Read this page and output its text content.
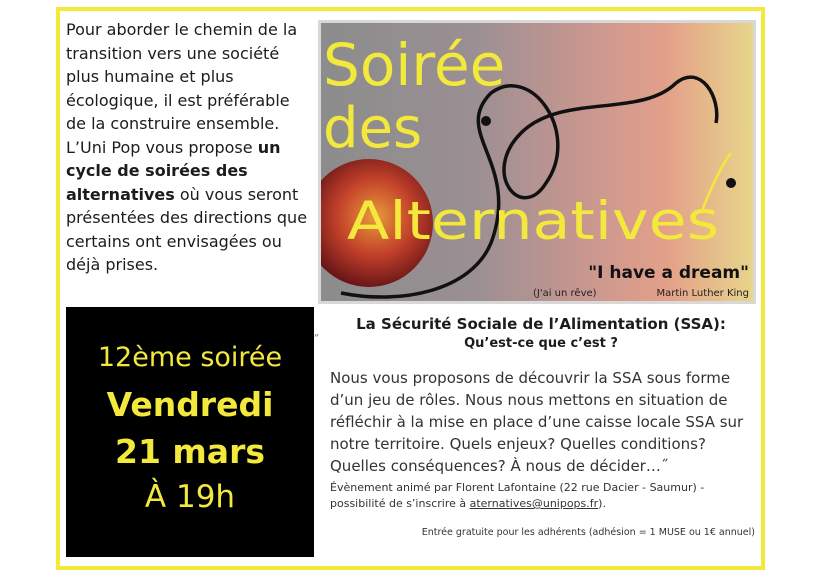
Pour aborder le chemin de la transition vers une société plus humaine et plus écologique, il est préférable de la construire ensemble. L’Uni Pop vous propose un cycle de soirées des alternatives où vous seront présentées des directions que certains ont envisagées ou déjà prises.
Soirée
des
Alternatives
"I have a dream"
(J'ai un rêve)	Martin Luther King
12ème soirée
Vendredi
21 mars
À 19h
˝
La Sécurité Sociale de l’Alimentation (SSA):
Qu’est-ce que c’est ?
Nous vous proposons de découvrir la SSA sous forme d’un jeu de rôles. Nous nous mettons en situation de réfléchir à la mise en place d’une caisse locale SSA sur notre territoire. Quels enjeux? Quelles conditions? Quelles conséquences? À nous de décider…˝
Évènement animé par Florent Lafontaine (22 rue Dacier - Saumur) - possibilité de s’inscrire à aternatives@unipops.fr).
Entrée gratuite pour les adhérents (adhésion = 1 MUSE ou 1€ annuel)
